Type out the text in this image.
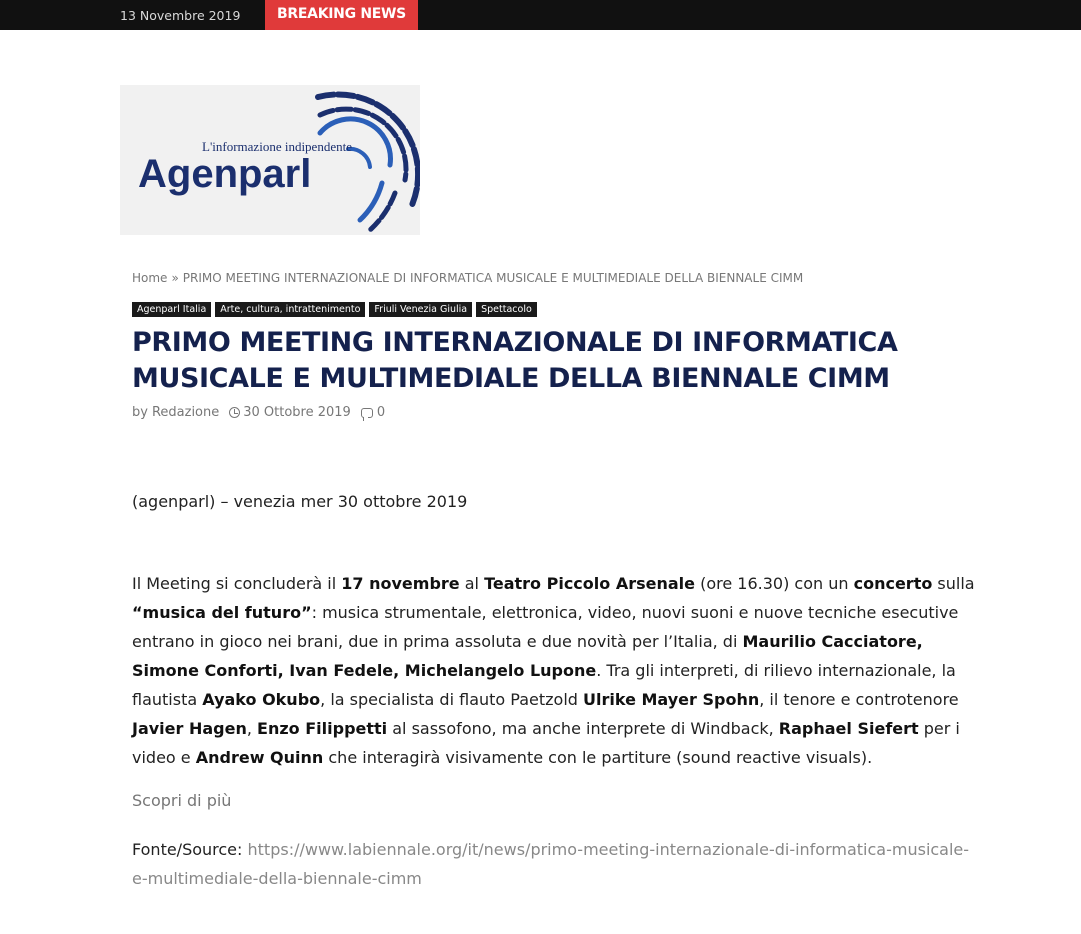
13 Novembre 2019	BREAKING NEWS
L'informazione indipendente
Agenparl
Home » PRIMO MEETING INTERNAZIONALE DI INFORMATICA MUSICALE E MULTIMEDIALE DELLA BIENNALE CIMM
Agenparl Italia	Arte, cultura, intrattenimento	Friuli Venezia Giulia	Spettacolo
PRIMO MEETING INTERNAZIONALE DI INFORMATICA MUSICALE E MULTIMEDIALE DELLA BIENNALE CIMM
by Redazione 30 Ottobre 2019 0

(agenparl) – venezia mer 30 ottobre 2019

Il Meeting si concluderà il 17 novembre al Teatro Piccolo Arsenale (ore 16.30) con un concerto sulla “musica del futuro”: musica strumentale, elettronica, video, nuovi suoni e nuove tecniche esecutive entrano in gioco nei brani, due in prima assoluta e due novità per l’Italia, di Maurilio Cacciatore, Simone Conforti, Ivan Fedele, Michelangelo Lupone. Tra gli interpreti, di rilievo internazionale, la flautista Ayako Okubo, la specialista di flauto Paetzold Ulrike Mayer Spohn, il tenore e controtenore Javier Hagen, Enzo Filippetti al sassofono, ma anche interprete di Windback, Raphael Siefert per i video e Andrew Quinn che interagirà visivamente con le partiture (sound reactive visuals).

Scopri di più

Fonte/Source: https://www.labiennale.org/it/news/primo-meeting-internazionale-di-informatica-musicale-e-multimediale-della-biennale-cimm
